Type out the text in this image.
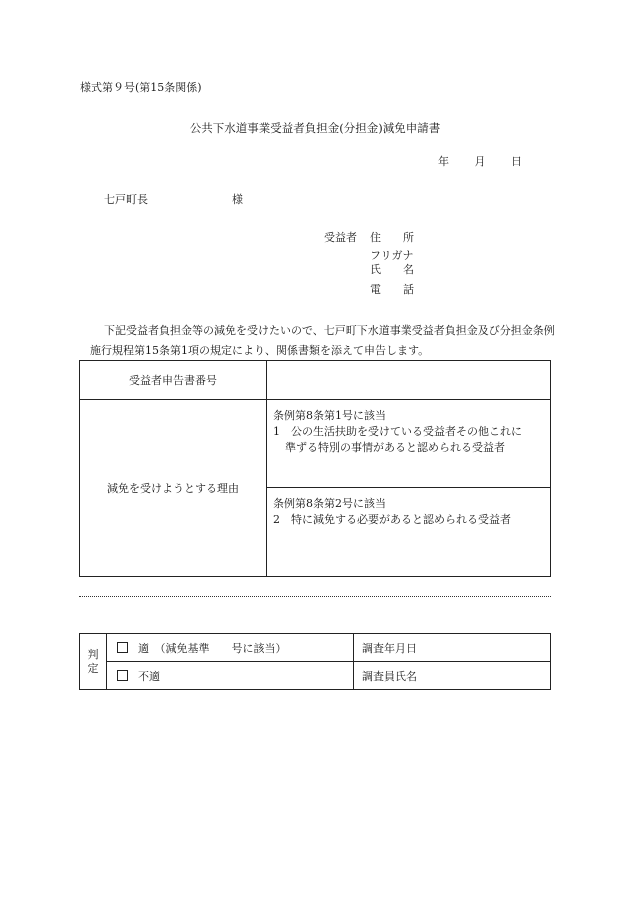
様式第９号(第15条関係)
公共下水道事業受益者負担金(分担金)減免申請書
年 月 日
七戸町長	様
受益者 住　　所
フリガナ
氏　　名
電　　話
下記受益者負担金等の減免を受けたいので、七戸町下水道事業受益者負担金及び分担金条例施行規程第15条第1項の規定により、関係書類を添えて申告します。
受益者申告書番号	
減免を受けようとする理由	条例第8条第1号に該当
1 公の生活扶助を受けている受益者その他これに
準ずる特別の事情があると認められる受益者

	条例第8条第2号に該当
2 特に減免する必要があると認められる受益者
判
定	適　（減免基準　　号に該当）	調査年月日
	不適	調査員氏名
